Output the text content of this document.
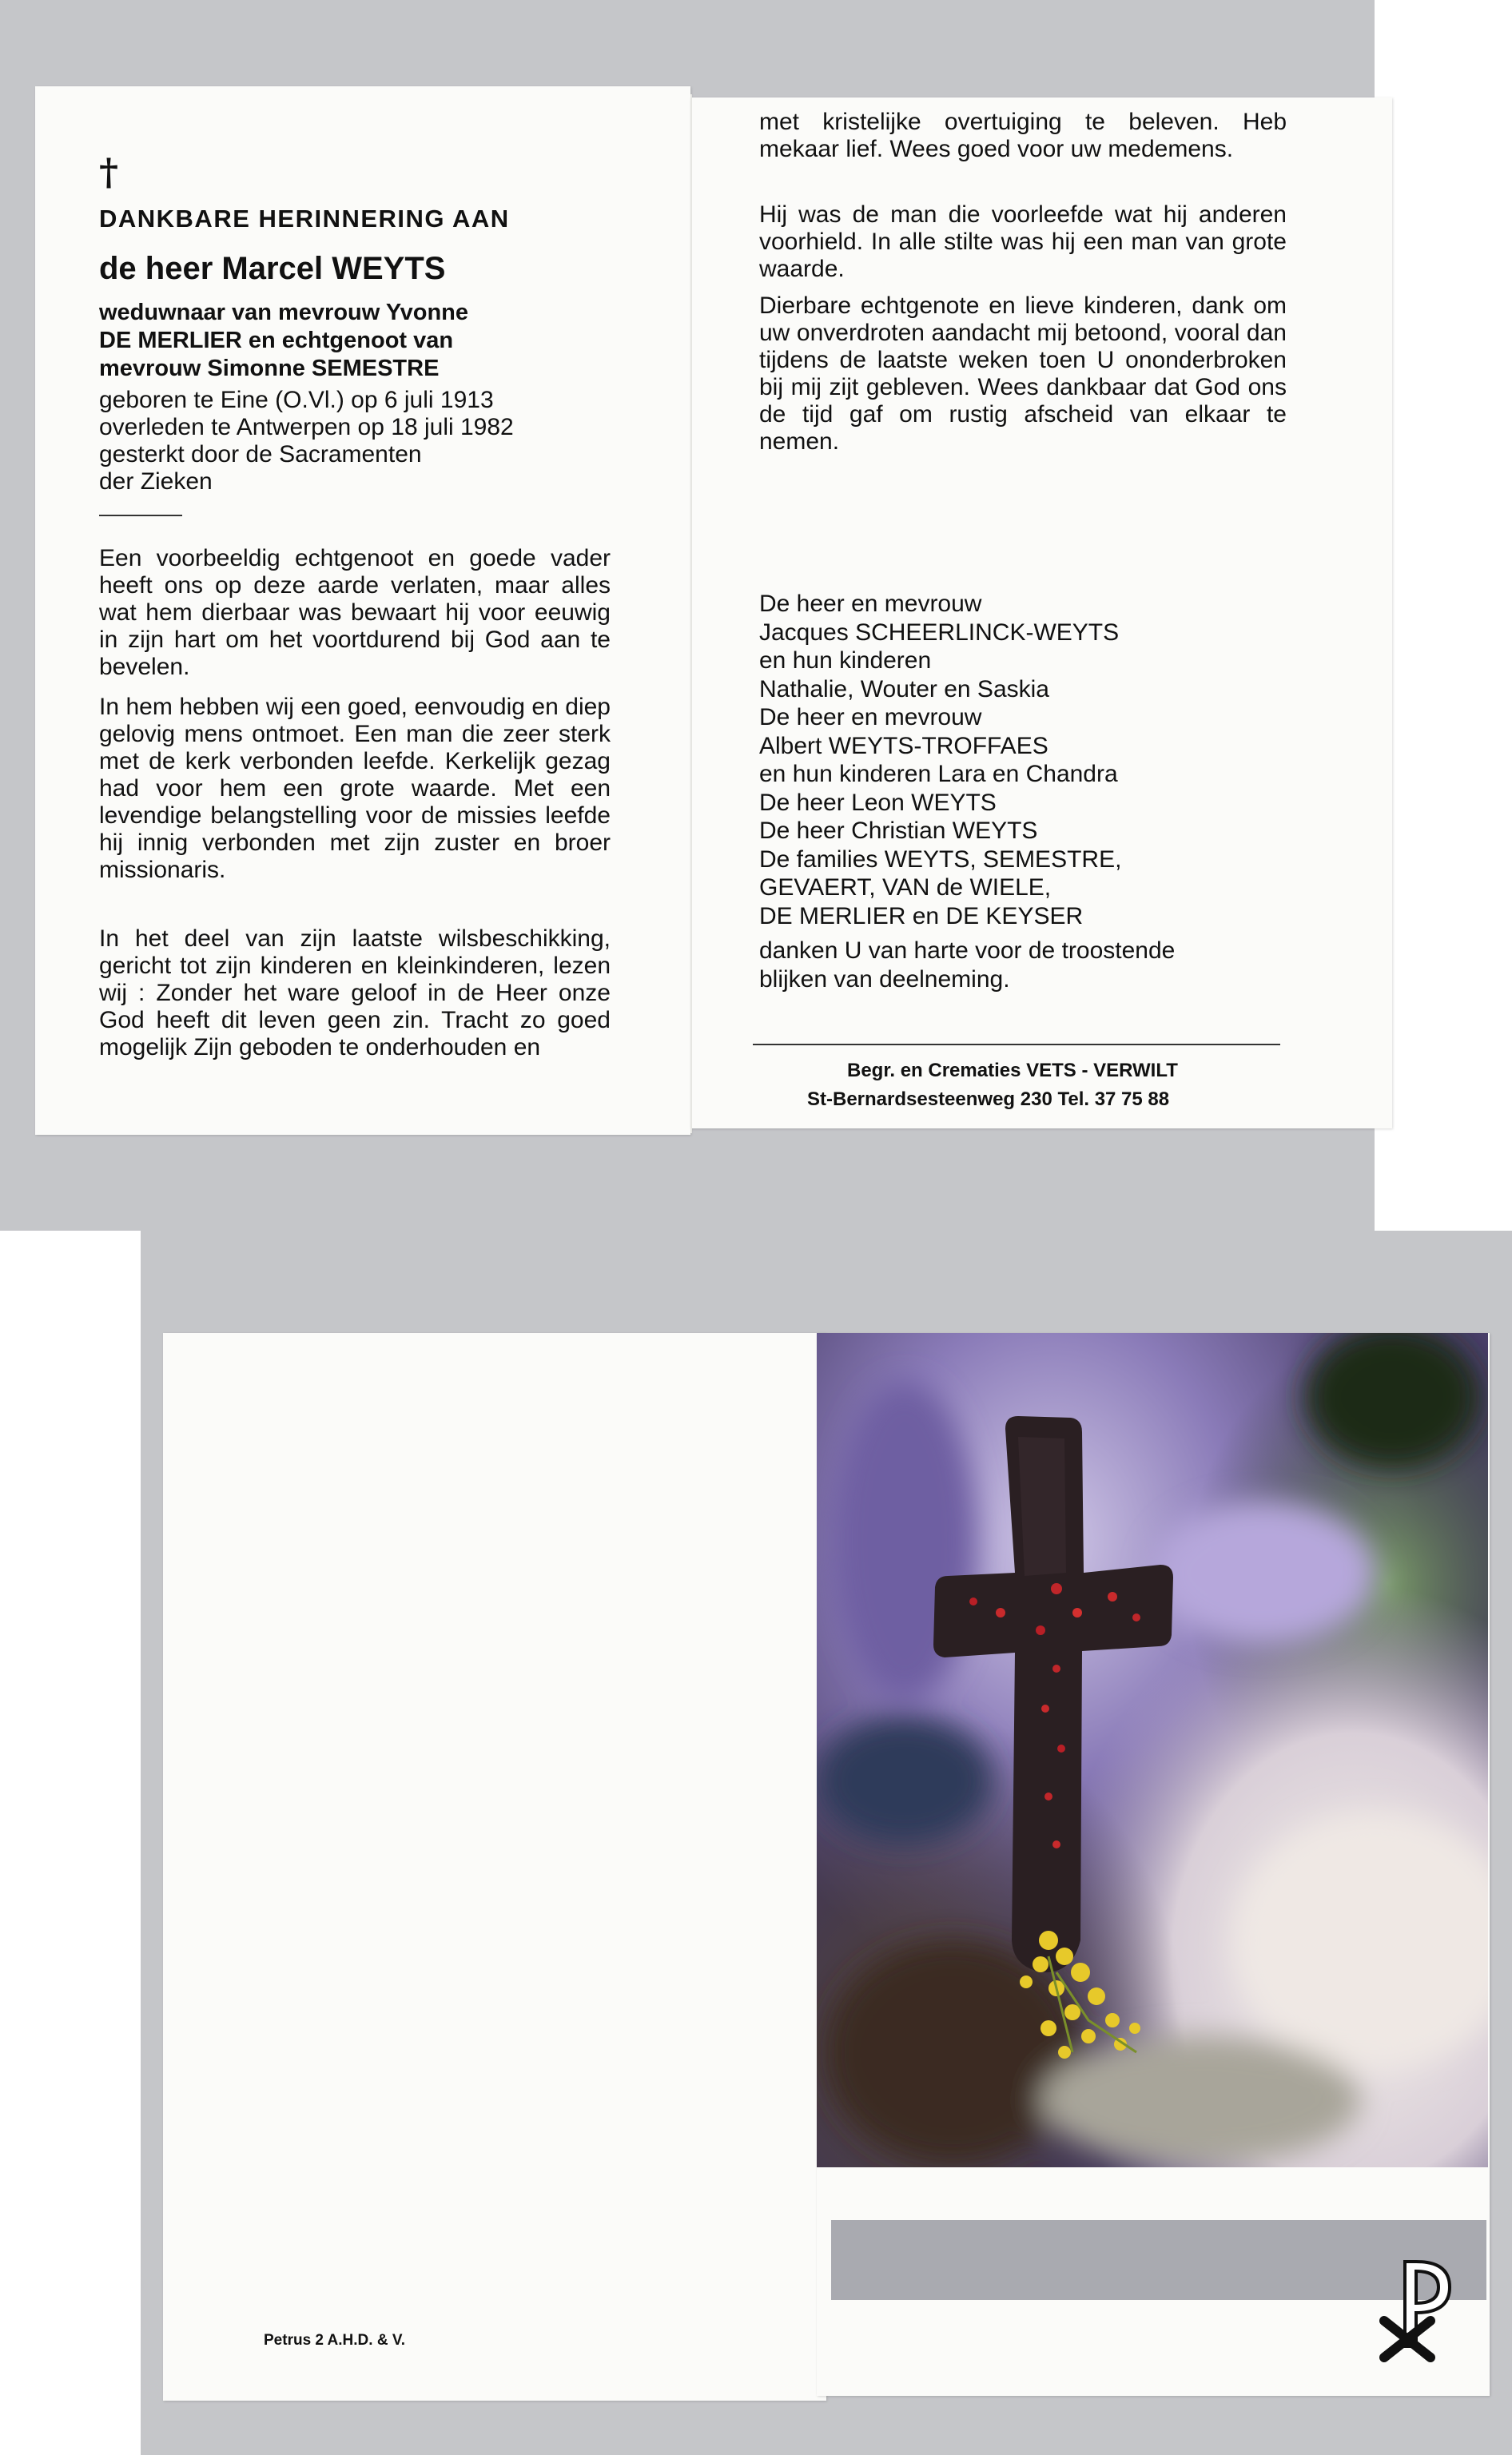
†
DANKBARE HERINNERING AAN
de heer Marcel WEYTS
weduwnaar van mevrouw Yvonne
DE MERLIER en echtgenoot van
mevrouw Simonne SEMESTRE
geboren te Eine (O.Vl.) op 6 juli 1913
overleden te Antwerpen op 18 juli 1982
gesterkt door de Sacramenten
der Zieken

Een voorbeeldig echtgenoot en goede vader heeft ons op deze aarde verlaten, maar alles wat hem dierbaar was bewaart hij voor eeuwig in zijn hart om het voortdurend bij God aan te bevelen.

In hem hebben wij een goed, eenvoudig en diep gelovig mens ontmoet. Een man die zeer sterk met de kerk verbonden leefde. Kerkelijk gezag had voor hem een grote waarde. Met een levendige belangstelling voor de missies leefde hij innig verbonden met zijn zuster en broer missionaris.

In het deel van zijn laatste wilsbeschikking, gericht tot zijn kinderen en kleinkinderen, lezen wij : Zonder het ware geloof in de Heer onze God heeft dit leven geen zin. Tracht zo goed mogelijk Zijn geboden te onderhouden en

met kristelijke overtuiging te beleven. Heb mekaar lief. Wees goed voor uw medemens.

Hij was de man die voorleefde wat hij anderen voorhield. In alle stilte was hij een man van grote waarde.

Dierbare echtgenote en lieve kinderen, dank om uw onverdroten aandacht mij betoond, vooral dan tijdens de laatste weken toen U ononderbroken bij mij zijt gebleven. Wees dankbaar dat God ons de tijd gaf om rustig afscheid van elkaar te nemen.

De heer en mevrouw
Jacques SCHEERLINCK-WEYTS
en hun kinderen
Nathalie, Wouter en Saskia
De heer en mevrouw
Albert WEYTS-TROFFAES
en hun kinderen Lara en Chandra
De heer Leon WEYTS
De heer Christian WEYTS
De families WEYTS, SEMESTRE,
GEVAERT, VAN de WIELE,
DE MERLIER en DE KEYSER
danken U van harte voor de troostende
blijken van deelneming.
Begr. en Crematies VETS - VERWILT
St-Bernardsesteenweg 230 Tel. 37 75 88
Petrus 2 A.H.D. & V.
